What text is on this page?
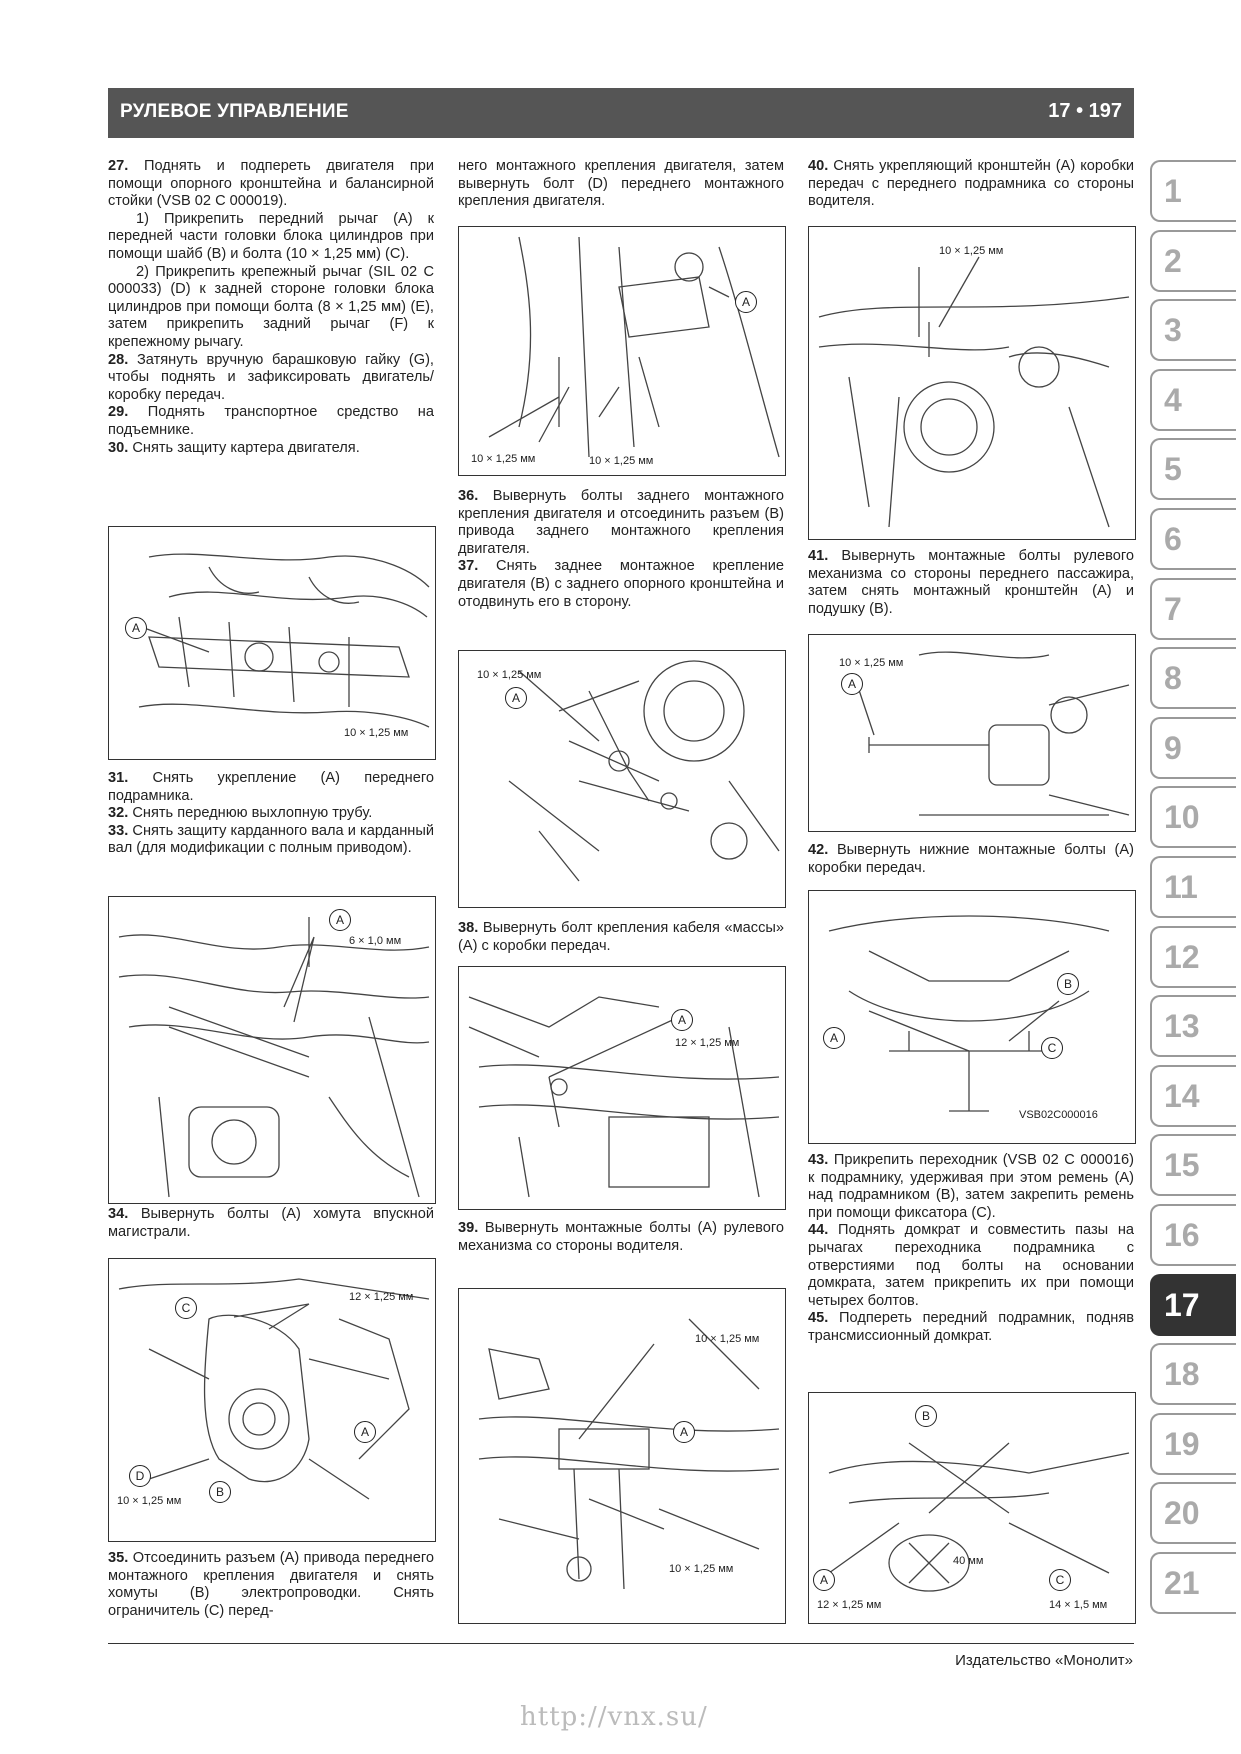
РУЛЕВОЕ УПРАВЛЕНИЕ	17 • 197

27. Поднять и подпереть двигателя при помощи опорного кронштейна и балансирной стойки (VSB 02 C 000019).

1) Прикрепить передний рычаг (A) к передней части головки блока цилиндров при помощи шайб (B) и болта (10 × 1,25 мм) (C).

2) Прикрепить крепежный рычаг (SIL 02 C 000033) (D) к задней стороне головки блока цилиндров при помощи болта (8 × 1,25 мм) (E), затем прикрепить задний рычаг (F) к крепежному рычагу.

28. Затянуть вручную барашковую гайку (G), чтобы поднять и зафиксировать двигатель/коробку передач.

29. Поднять транспортное средство на подъемнике.

30. Снять защиту картера двигателя.

31. Снять укрепление (A) переднего подрамника.

32. Снять переднюю выхлопную трубу.

33. Снять защиту карданного вала и карданный вал (для модификации с полным приводом).

34. Вывернуть болты (A) хомута впускной магистрали.

35. Отсоединить разъем (A) привода переднего монтажного крепления двигателя и снять хомуты (B) электропроводки. Снять ограничитель (C) перед-

него монтажного крепления двигателя, затем вывернуть болт (D) переднего монтажного крепления двигателя.

36. Вывернуть болты заднего монтажного крепления двигателя и отсоединить разъем (B) привода заднего монтажного крепления двигателя.

37. Снять заднее монтажное крепление двигателя (B) с заднего опорного кронштейна и отодвинуть его в сторону.

38. Вывернуть болт крепления кабеля «массы» (A) с коробки передач.

39. Вывернуть монтажные болты (A) рулевого механизма со стороны водителя.

40. Снять укрепляющий кронштейн (A) коробки передач с переднего подрамника со стороны водителя.

41. Вывернуть монтажные болты рулевого механизма со стороны переднего пассажира, затем снять монтажный кронштейн (A) и подушку (B).

42. Вывернуть нижние монтажные болты (A) коробки передач.

43. Прикрепить переходник (VSB 02 C 000016) к подрамнику, удерживая при этом ремень (A) над подрамником (B), затем закрепить ремень при помощи фиксатора (C).

44. Поднять домкрат и совместить пазы на рычагах переходника подрамника с отверстиями под болты на основании домкрата, затем прикрепить их при помощи четырех болтов.

45. Подпереть передний подрамник, подняв трансмиссионный домкрат.

A
10 × 1,25 мм
A
6 × 1,0 мм
C
12 × 1,25 мм
A
D
B
10 × 1,25 мм
A
10 × 1,25 мм	10 × 1,25 мм
10 × 1,25 мм
A
A
12 × 1,25 мм
10 × 1,25 мм
A
10 × 1,25 мм
10 × 1,25 мм
10 × 1,25 мм
A
B
A
C
VSB02C000016
B
40 мм
A	C
12 × 1,25 мм	14 × 1,5 мм
1
2
3
4
5
6
7
8
9
10
11
12
13
14
15
16
17
18
19
20
21
Издательство «Монолит»
http://vnx.su/
